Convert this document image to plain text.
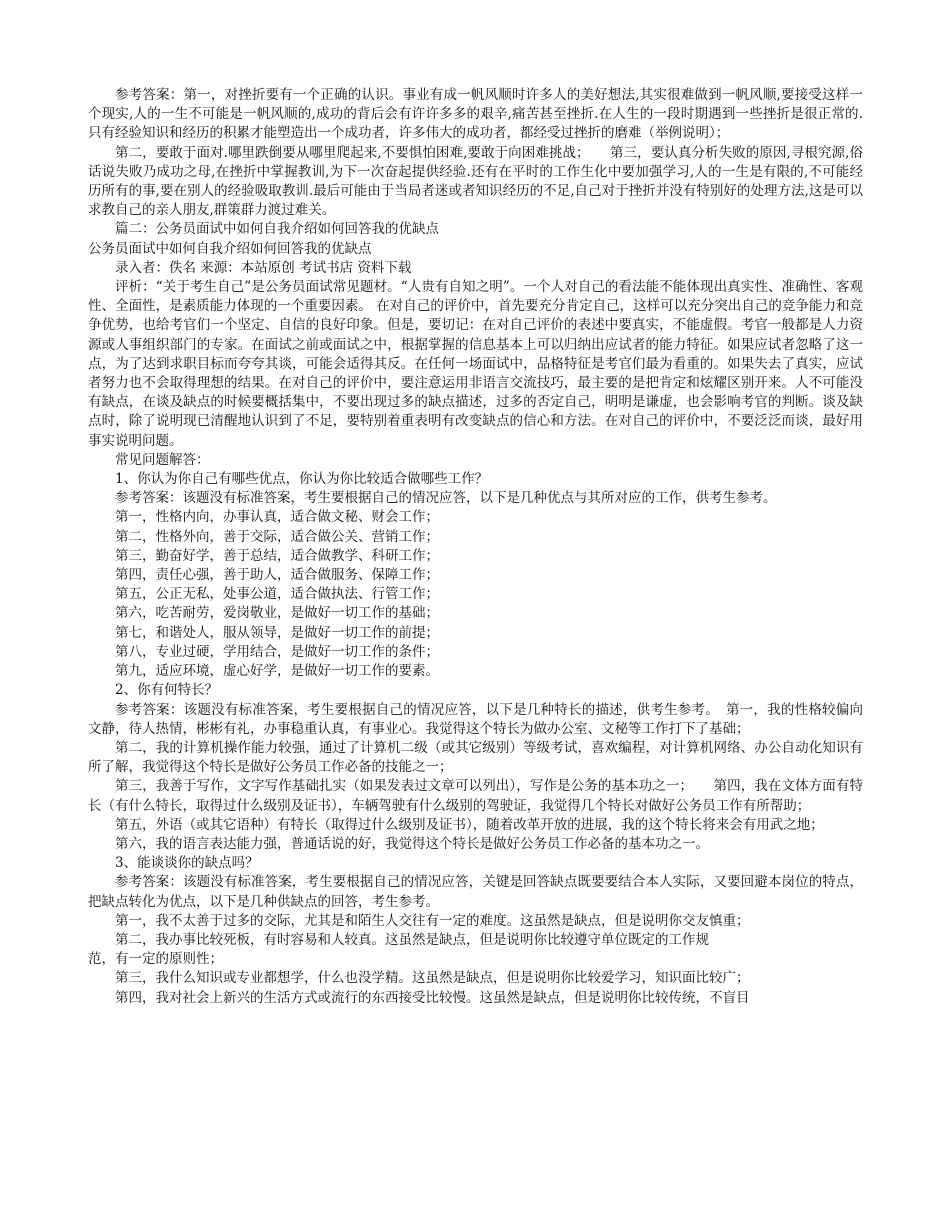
参考答案：第一，对挫折要有一个正确的认识。事业有成一帆风顺时许多人的美好想法,其实很难做到一帆风顺,要接受这样一个现实,人的一生不可能是一帆风顺的,成功的背后会有许许多多的艰辛,痛苦甚至挫折.在人生的一段时期遇到一些挫折是很正常的.只有经验知识和经历的积累才能塑造出一个成功者，许多伟大的成功者，都经受过挫折的磨难（举例说明）；

第二，要敢于面对.哪里跌倒要从哪里爬起来,不要惧怕困难,要敢于向困难挑战；　　第三，要认真分析失败的原因,寻根究源,俗话说失败乃成功之母,在挫折中掌握教训,为下一次奋起提供经验.还有在平时的工作生化中要加强学习,人的一生是有限的,不可能经历所有的事,要在别人的经验吸取教训.最后可能由于当局者迷或者知识经历的不足,自己对于挫折并没有特别好的处理方法,这是可以求教自己的亲人朋友,群策群力渡过难关。

篇二：公务员面试中如何自我介绍如何回答我的优缺点

公务员面试中如何自我介绍如何回答我的优缺点

录入者：佚名 来源：本站原创 考试书店 资料下载

评析：“关于考生自己”是公务员面试常见题材。“人贵有自知之明”。一个人对自己的看法能不能体现出真实性、准确性、客观性、全面性，是素质能力体现的一个重要因素。 在对自己的评价中，首先要充分肯定自己，这样可以充分突出自己的竞争能力和竞争优势，也给考官们一个坚定、自信的良好印象。但是，要切记：在对自己评价的表述中要真实，不能虚假。考官一般都是人力资源或人事组织部门的专家。在面试之前或面试之中，根据掌握的信息基本上可以归纳出应试者的能力特征。如果应试者忽略了这一点，为了达到求职目标而夸夸其谈，可能会适得其反。在任何一场面试中，品格特征是考官们最为看重的。如果失去了真实，应试者努力也不会取得理想的结果。在对自己的评价中，要注意运用非语言交流技巧，最主要的是把肯定和炫耀区别开来。人不可能没有缺点，在谈及缺点的时候要概括集中，不要出现过多的缺点描述，过多的否定自己，明明是谦虚，也会影响考官的判断。谈及缺点时，除了说明现已清醒地认识到了不足，要特别着重表明有改变缺点的信心和方法。在对自己的评价中，不要泛泛而谈，最好用事实说明问题。

常见问题解答：

1、你认为你自己有哪些优点，你认为你比较适合做哪些工作？

参考答案：该题没有标准答案，考生要根据自己的情况应答，以下是几种优点与其所对应的工作，供考生参考。

第一，性格内向，办事认真，适合做文秘、财会工作；

第二，性格外向，善于交际，适合做公关、营销工作；

第三，勤奋好学，善于总结，适合做教学、科研工作；

第四，责任心强，善于助人，适合做服务、保障工作；

第五，公正无私，处事公道，适合做执法、行管工作；

第六，吃苦耐劳，爱岗敬业，是做好一切工作的基础；

第七，和谐处人，服从领导，是做好一切工作的前提；

第八，专业过硬，学用结合，是做好一切工作的条件；

第九，适应环境，虚心好学，是做好一切工作的要素。

2、你有何特长？

参考答案：该题没有标准答案，考生要根据自己的情况应答，以下是几种特长的描述，供考生参考。　第一，我的性格较偏向文静，待人热情，彬彬有礼，办事稳重认真，有事业心。我觉得这个特长为做办公室、文秘等工作打下了基础；

第二，我的计算机操作能力较强，通过了计算机二级（或其它级别）等级考试，喜欢编程，对计算机网络、办公自动化知识有所了解，我觉得这个特长是做好公务员工作必备的技能之一；

第三，我善于写作，文字写作基础扎实（如果发表过文章可以列出），写作是公务的基本功之一；　　第四，我在文体方面有特长（有什么特长，取得过什么级别及证书），车辆驾驶有什么级别的驾驶证，我觉得几个特长对做好公务员工作有所帮助；

第五，外语（或其它语种）有特长（取得过什么级别及证书），随着改革开放的进展，我的这个特长将来会有用武之地；

第六，我的语言表达能力强，普通话说的好，我觉得这个特长是做好公务员工作必备的基本功之一。

3、能谈谈你的缺点吗？

参考答案：该题没有标准答案，考生要根据自己的情况应答，关键是回答缺点既要要结合本人实际，又要回避本岗位的特点，把缺点转化为优点，以下是几种供缺点的回答，考生参考。

第一，我不太善于过多的交际，尤其是和陌生人交往有一定的难度。这虽然是缺点，但是说明你交友慎重；

第二，我办事比较死板，有时容易和人较真。这虽然是缺点，但是说明你比较遵守单位既定的工作规

范，有一定的原则性；

第三，我什么知识或专业都想学，什么也没学精。这虽然是缺点，但是说明你比较爱学习，知识面比较广；

第四，我对社会上新兴的生活方式或流行的东西接受比较慢。这虽然是缺点，但是说明你比较传统，不盲目
